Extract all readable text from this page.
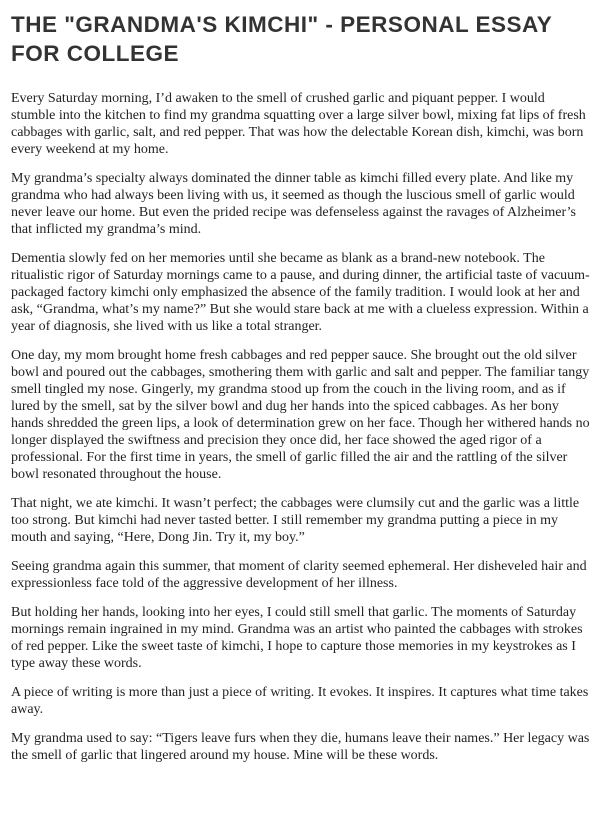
THE "GRANDMA'S KIMCHI" - PERSONAL ESSAY FOR COLLEGE

Every Saturday morning, I’d awaken to the smell of crushed garlic and piquant pepper. I would stumble into the kitchen to find my grandma squatting over a large silver bowl, mixing fat lips of fresh cabbages with garlic, salt, and red pepper. That was how the delectable Korean dish, kimchi, was born every weekend at my home.

My grandma’s specialty always dominated the dinner table as kimchi filled every plate. And like my grandma who had always been living with us, it seemed as though the luscious smell of garlic would never leave our home. But even the prided recipe was defenseless against the ravages of Alzheimer’s that inflicted my grandma’s mind.

Dementia slowly fed on her memories until she became as blank as a brand-new notebook. The ritualistic rigor of Saturday mornings came to a pause, and during dinner, the artificial taste of vacuum-packaged factory kimchi only emphasized the absence of the family tradition. I would look at her and ask, “Grandma, what’s my name?” But she would stare back at me with a clueless expression. Within a year of diagnosis, she lived with us like a total stranger.

One day, my mom brought home fresh cabbages and red pepper sauce. She brought out the old silver bowl and poured out the cabbages, smothering them with garlic and salt and pepper. The familiar tangy smell tingled my nose. Gingerly, my grandma stood up from the couch in the living room, and as if lured by the smell, sat by the silver bowl and dug her hands into the spiced cabbages. As her bony hands shredded the green lips, a look of determination grew on her face. Though her withered hands no longer displayed the swiftness and precision they once did, her face showed the aged rigor of a professional. For the first time in years, the smell of garlic filled the air and the rattling of the silver bowl resonated throughout the house.

That night, we ate kimchi. It wasn’t perfect; the cabbages were clumsily cut and the garlic was a little too strong. But kimchi had never tasted better. I still remember my grandma putting a piece in my mouth and saying, “Here, Dong Jin. Try it, my boy.”

Seeing grandma again this summer, that moment of clarity seemed ephemeral. Her disheveled hair and expressionless face told of the aggressive development of her illness.

But holding her hands, looking into her eyes, I could still smell that garlic. The moments of Saturday mornings remain ingrained in my mind. Grandma was an artist who painted the cabbages with strokes of red pepper. Like the sweet taste of kimchi, I hope to capture those memories in my keystrokes as I type away these words.

A piece of writing is more than just a piece of writing. It evokes. It inspires. It captures what time takes away.

My grandma used to say: “Tigers leave furs when they die, humans leave their names.” Her legacy was the smell of garlic that lingered around my house. Mine will be these words.
